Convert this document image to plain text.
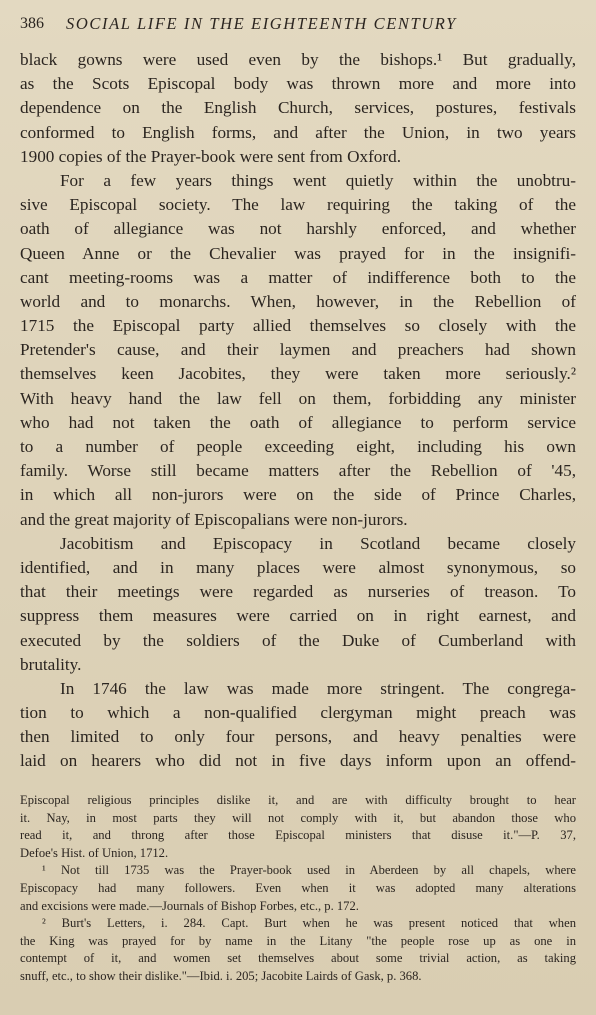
386 SOCIAL LIFE IN THE EIGHTEENTH CENTURY
black gowns were used even by the bishops.¹ But gradually,
as the Scots Episcopal body was thrown more and more into
dependence on the English Church, services, postures, festivals
conformed to English forms, and after the Union, in two years
1900 copies of the Prayer-book were sent from Oxford.
For a few years things went quietly within the unobtru-
sive Episcopal society. The law requiring the taking of the
oath of allegiance was not harshly enforced, and whether
Queen Anne or the Chevalier was prayed for in the insignifi-
cant meeting-rooms was a matter of indifference both to the
world and to monarchs. When, however, in the Rebellion of
1715 the Episcopal party allied themselves so closely with the
Pretender's cause, and their laymen and preachers had shown
themselves keen Jacobites, they were taken more seriously.²
With heavy hand the law fell on them, forbidding any minister
who had not taken the oath of allegiance to perform service
to a number of people exceeding eight, including his own
family. Worse still became matters after the Rebellion of '45,
in which all non-jurors were on the side of Prince Charles,
and the great majority of Episcopalians were non-jurors.
Jacobitism and Episcopacy in Scotland became closely
identified, and in many places were almost synonymous, so
that their meetings were regarded as nurseries of treason. To
suppress them measures were carried on in right earnest, and
executed by the soldiers of the Duke of Cumberland with
brutality.
In 1746 the law was made more stringent. The congrega-
tion to which a non-qualified clergyman might preach was
then limited to only four persons, and heavy penalties were
laid on hearers who did not in five days inform upon an offend-
Episcopal religious principles dislike it, and are with difficulty brought to hear
it. Nay, in most parts they will not comply with it, but abandon those who
read it, and throng after those Episcopal ministers that disuse it."—P. 37,
Defoe's Hist. of Union, 1712.
¹ Not till 1735 was the Prayer-book used in Aberdeen by all chapels, where
Episcopacy had many followers. Even when it was adopted many alterations
and excisions were made.—Journals of Bishop Forbes, etc., p. 172.
² Burt's Letters, i. 284. Capt. Burt when he was present noticed that when
the King was prayed for by name in the Litany "the people rose up as one in
contempt of it, and women set themselves about some trivial action, as taking
snuff, etc., to show their dislike."—Ibid. i. 205; Jacobite Lairds of Gask, p. 368.
